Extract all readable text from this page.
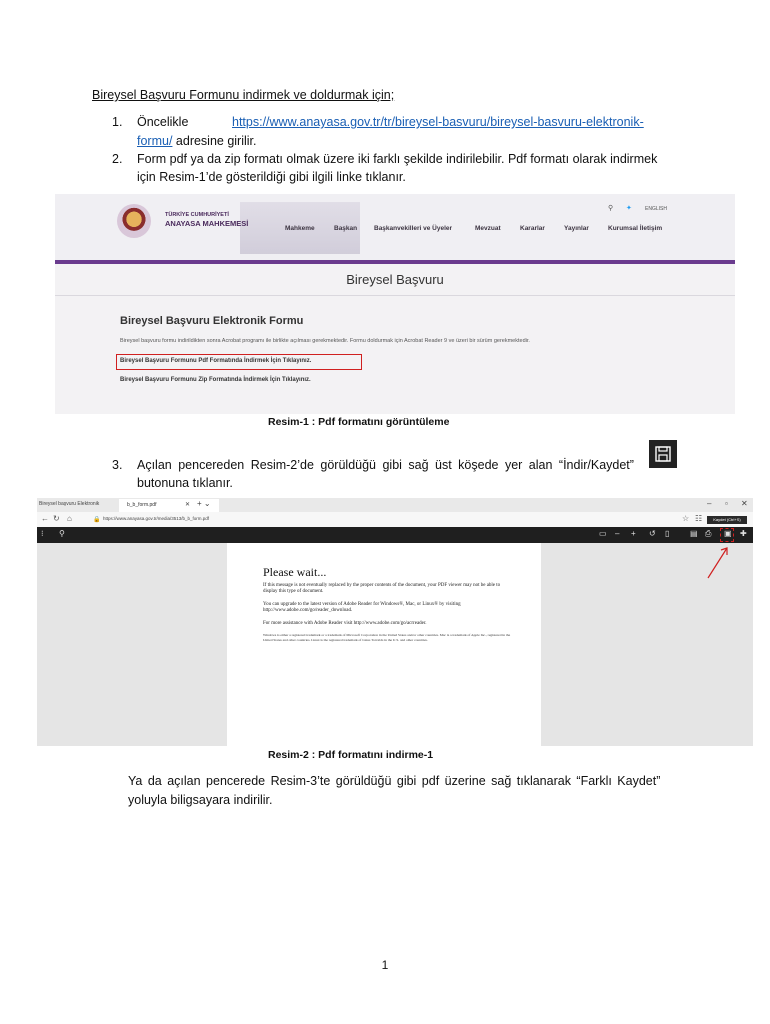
Bireysel Başvuru Formunu indirmek ve doldurmak için;
1.	Öncelikle	https://www.anayasa.gov.tr/tr/bireysel-basvuru/bireysel-basvuru-elektronik-
formu/ adresine girilir.
2.	Form pdf ya da zip formatı olmak üzere iki farklı şekilde indirilebilir. Pdf formatı olarak indirmek
için Resim-1’de gösterildiği gibi ilgili linke tıklanır.
TÜRKİYE CUMHURİYETİ
ANAYASA MAHKEMESİ
⚲ ✦	ENGLISH
Mahkeme	Başkan	Başkanvekilleri ve Üyeler	Mevzuat	Kararlar	Yayınlar	Kurumsal İletişim
Bireysel Başvuru
Bireysel Başvuru Elektronik Formu
Bireysel başvuru formu indirildikten sonra Acrobat programı ile birlikte açılması gerekmektedir. Formu doldurmak için Acrobat Reader 9 ve üzeri bir sürüm gerekmektedir.
Bireysel Başvuru Formunu Pdf Formatında İndirmek İçin Tıklayınız.
Bireysel Başvuru Formunu Zip Formatında İndirmek İçin Tıklayınız.
Resim-1 : Pdf formatını görüntüleme
3.	Açılan pencereden Resim-2’de görüldüğü gibi sağ üst köşede yer alan “İndir/Kaydet”
butonuna tıklanır.
Bireysel başvuru Elektronik	b_b_form.pdf	✕ + ⌄	– ▫ ✕
← ↻ ⌂	🔒 https://www.anayasa.gov.tr/media/3513/b_b_form.pdf	☆ ☷	Kaydet (Ctrl+S)
⁝ ⚲	▭ – + ↺ ▯	▤ ⎙ ▣ ✚
Please wait...
If this message is not eventually replaced by the proper contents of the document, your PDF viewer may not be able to display this type of document.
You can upgrade to the latest version of Adobe Reader for Windows®, Mac, or Linux® by visiting http://www.adobe.com/go/reader_download.
For more assistance with Adobe Reader visit http://www.adobe.com/go/acrreader.
Windows is either a registered trademark or a trademark of Microsoft Corporation in the United States and/or other countries. Mac is a trademark of Apple Inc., registered in the United States and other countries. Linux is the registered trademark of Linus Torvalds in the U.S. and other countries.
Resim-2 : Pdf formatını indirme-1
Ya da açılan pencerede Resim-3’te görüldüğü gibi pdf üzerine sağ tıklanarak “Farklı Kaydet”
yoluyla biligsayara indirilir.
1
